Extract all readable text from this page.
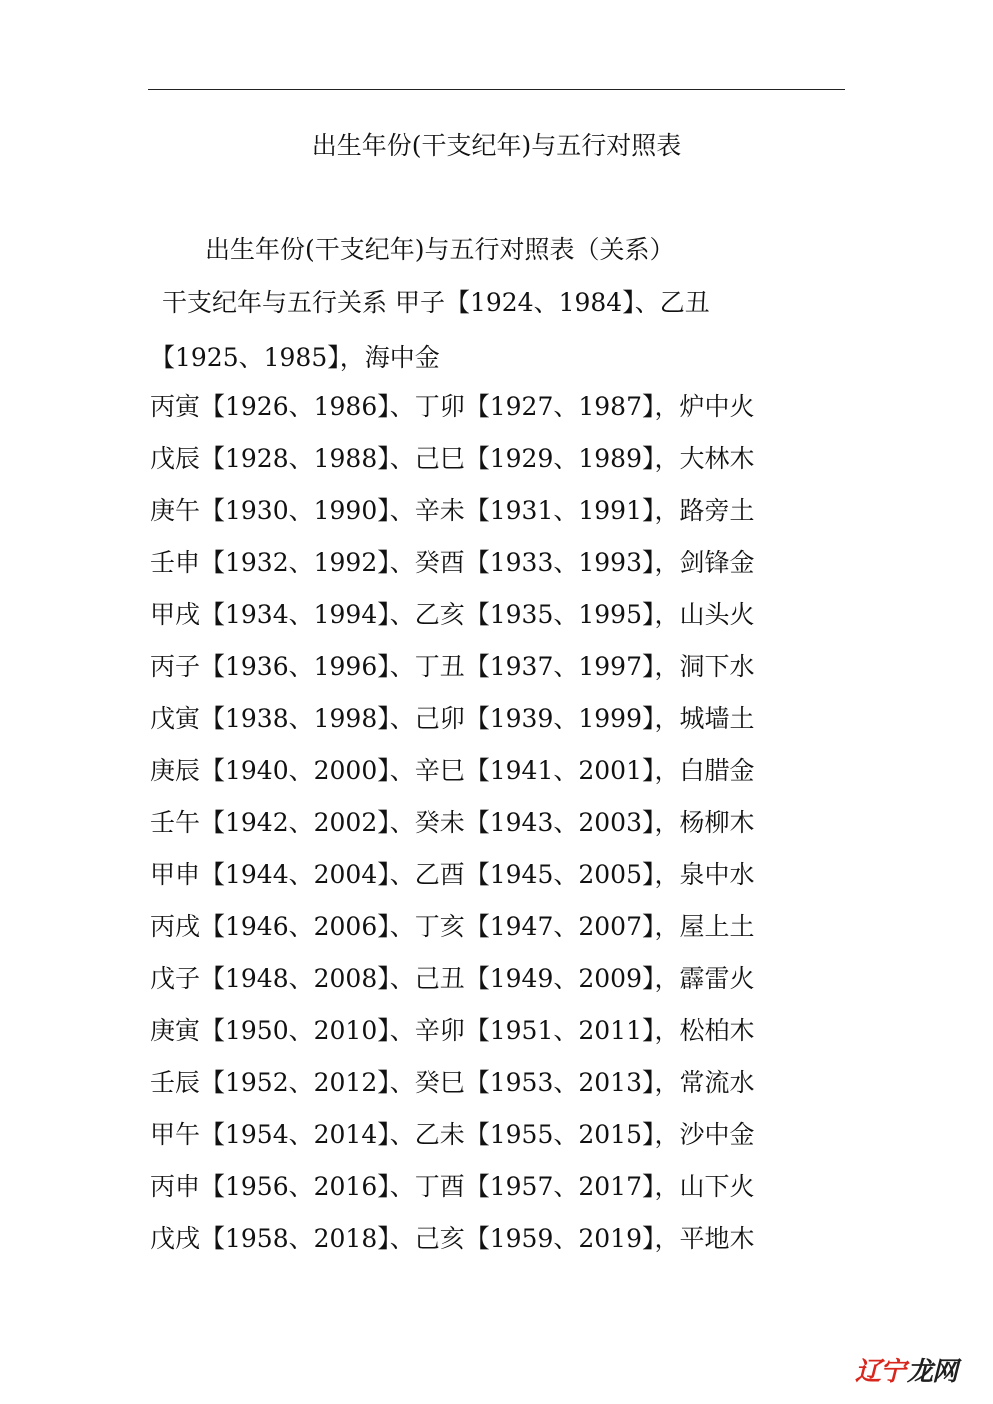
出生年份(干支纪年)与五行对照表
出生年份(干支纪年)与五行对照表（关系）
干支纪年与五行关系 甲子【1924、1984】、乙丑
【1925、1985】，海中金
丙寅【1926、1986】、丁卯【1927、1987】，炉中火
戊辰【1928、1988】、己巳【1929、1989】，大林木
庚午【1930、1990】、辛未【1931、1991】，路旁土
壬申【1932、1992】、癸酉【1933、1993】，剑锋金
甲戌【1934、1994】、乙亥【1935、1995】，山头火
丙子【1936、1996】、丁丑【1937、1997】，洞下水
戊寅【1938、1998】、己卯【1939、1999】，城墙土
庚辰【1940、2000】、辛巳【1941、2001】，白腊金
壬午【1942、2002】、癸未【1943、2003】，杨柳木
甲申【1944、2004】、乙酉【1945、2005】，泉中水
丙戌【1946、2006】、丁亥【1947、2007】，屋上土
戊子【1948、2008】、己丑【1949、2009】，霹雷火
庚寅【1950、2010】、辛卯【1951、2011】，松柏木
壬辰【1952、2012】、癸巳【1953、2013】，常流水
甲午【1954、2014】、乙未【1955、2015】，沙中金
丙申【1956、2016】、丁酉【1957、2017】，山下火
戊戌【1958、2018】、己亥【1959、2019】，平地木
辽宁 龙网
